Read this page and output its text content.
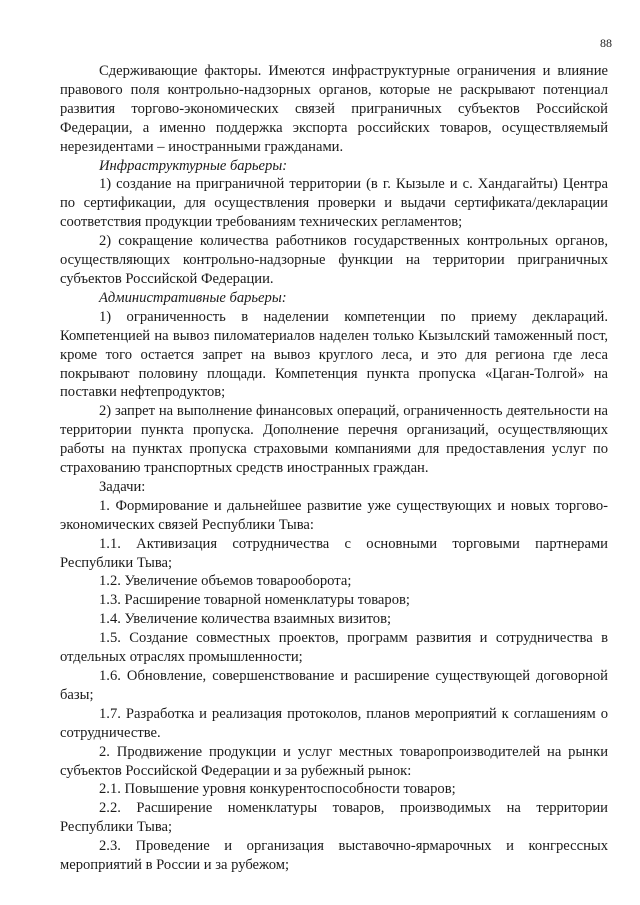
88

Сдерживающие факторы. Имеются инфраструктурные ограничения и влияние правового поля контрольно-надзорных органов, которые не раскрывают потенциал развития торгово-экономических связей приграничных субъектов Российской Федерации, а именно поддержка экспорта российских товаров, осуществляемый нерезидентами – иностранными гражданами.

Инфраструктурные барьеры:

1) создание на приграничной территории (в г. Кызыле и с. Хандагайты) Центра по сертификации, для осуществления проверки и выдачи сертификата/декларации соответствия продукции требованиям технических регламентов;

2) сокращение количества работников государственных контрольных органов, осуществляющих контрольно-надзорные функции на территории приграничных субъектов Российской Федерации.

Административные барьеры:

1) ограниченность в наделении компетенции по приему деклараций. Компетенцией на вывоз пиломатериалов наделен только Кызылский таможенный пост, кроме того остается запрет на вывоз круглого леса, и это для региона где леса покрывают половину площади. Компетенция пункта пропуска «Цаган-Толгой» на поставки нефтепродуктов;

2) запрет на выполнение финансовых операций, ограниченность деятельности на территории пункта пропуска. Дополнение перечня организаций, осуществляющих работы на пунктах пропуска страховыми компаниями для предоставления услуг по страхованию транспортных средств иностранных граждан.

Задачи:

1. Формирование и дальнейшее развитие уже существующих и новых торгово-экономических связей Республики Тыва:

1.1. Активизация сотрудничества с основными торговыми партнерами Республики Тыва;

1.2. Увеличение объемов товарооборота;

1.3. Расширение товарной номенклатуры товаров;

1.4. Увеличение количества взаимных визитов;

1.5. Создание совместных проектов, программ развития и сотрудничества в отдельных отраслях промышленности;

1.6. Обновление, совершенствование и расширение существующей договорной базы;

1.7. Разработка и реализация протоколов, планов мероприятий к соглашениям о сотрудничестве.

2. Продвижение продукции и услуг местных товаропроизводителей на рынки субъектов Российской Федерации и за рубежный рынок:

2.1. Повышение уровня конкурентоспособности товаров;

2.2. Расширение номенклатуры товаров, производимых на территории Республики Тыва;

2.3. Проведение и организация выставочно-ярмарочных и конгрессных мероприятий в России и за рубежом;
